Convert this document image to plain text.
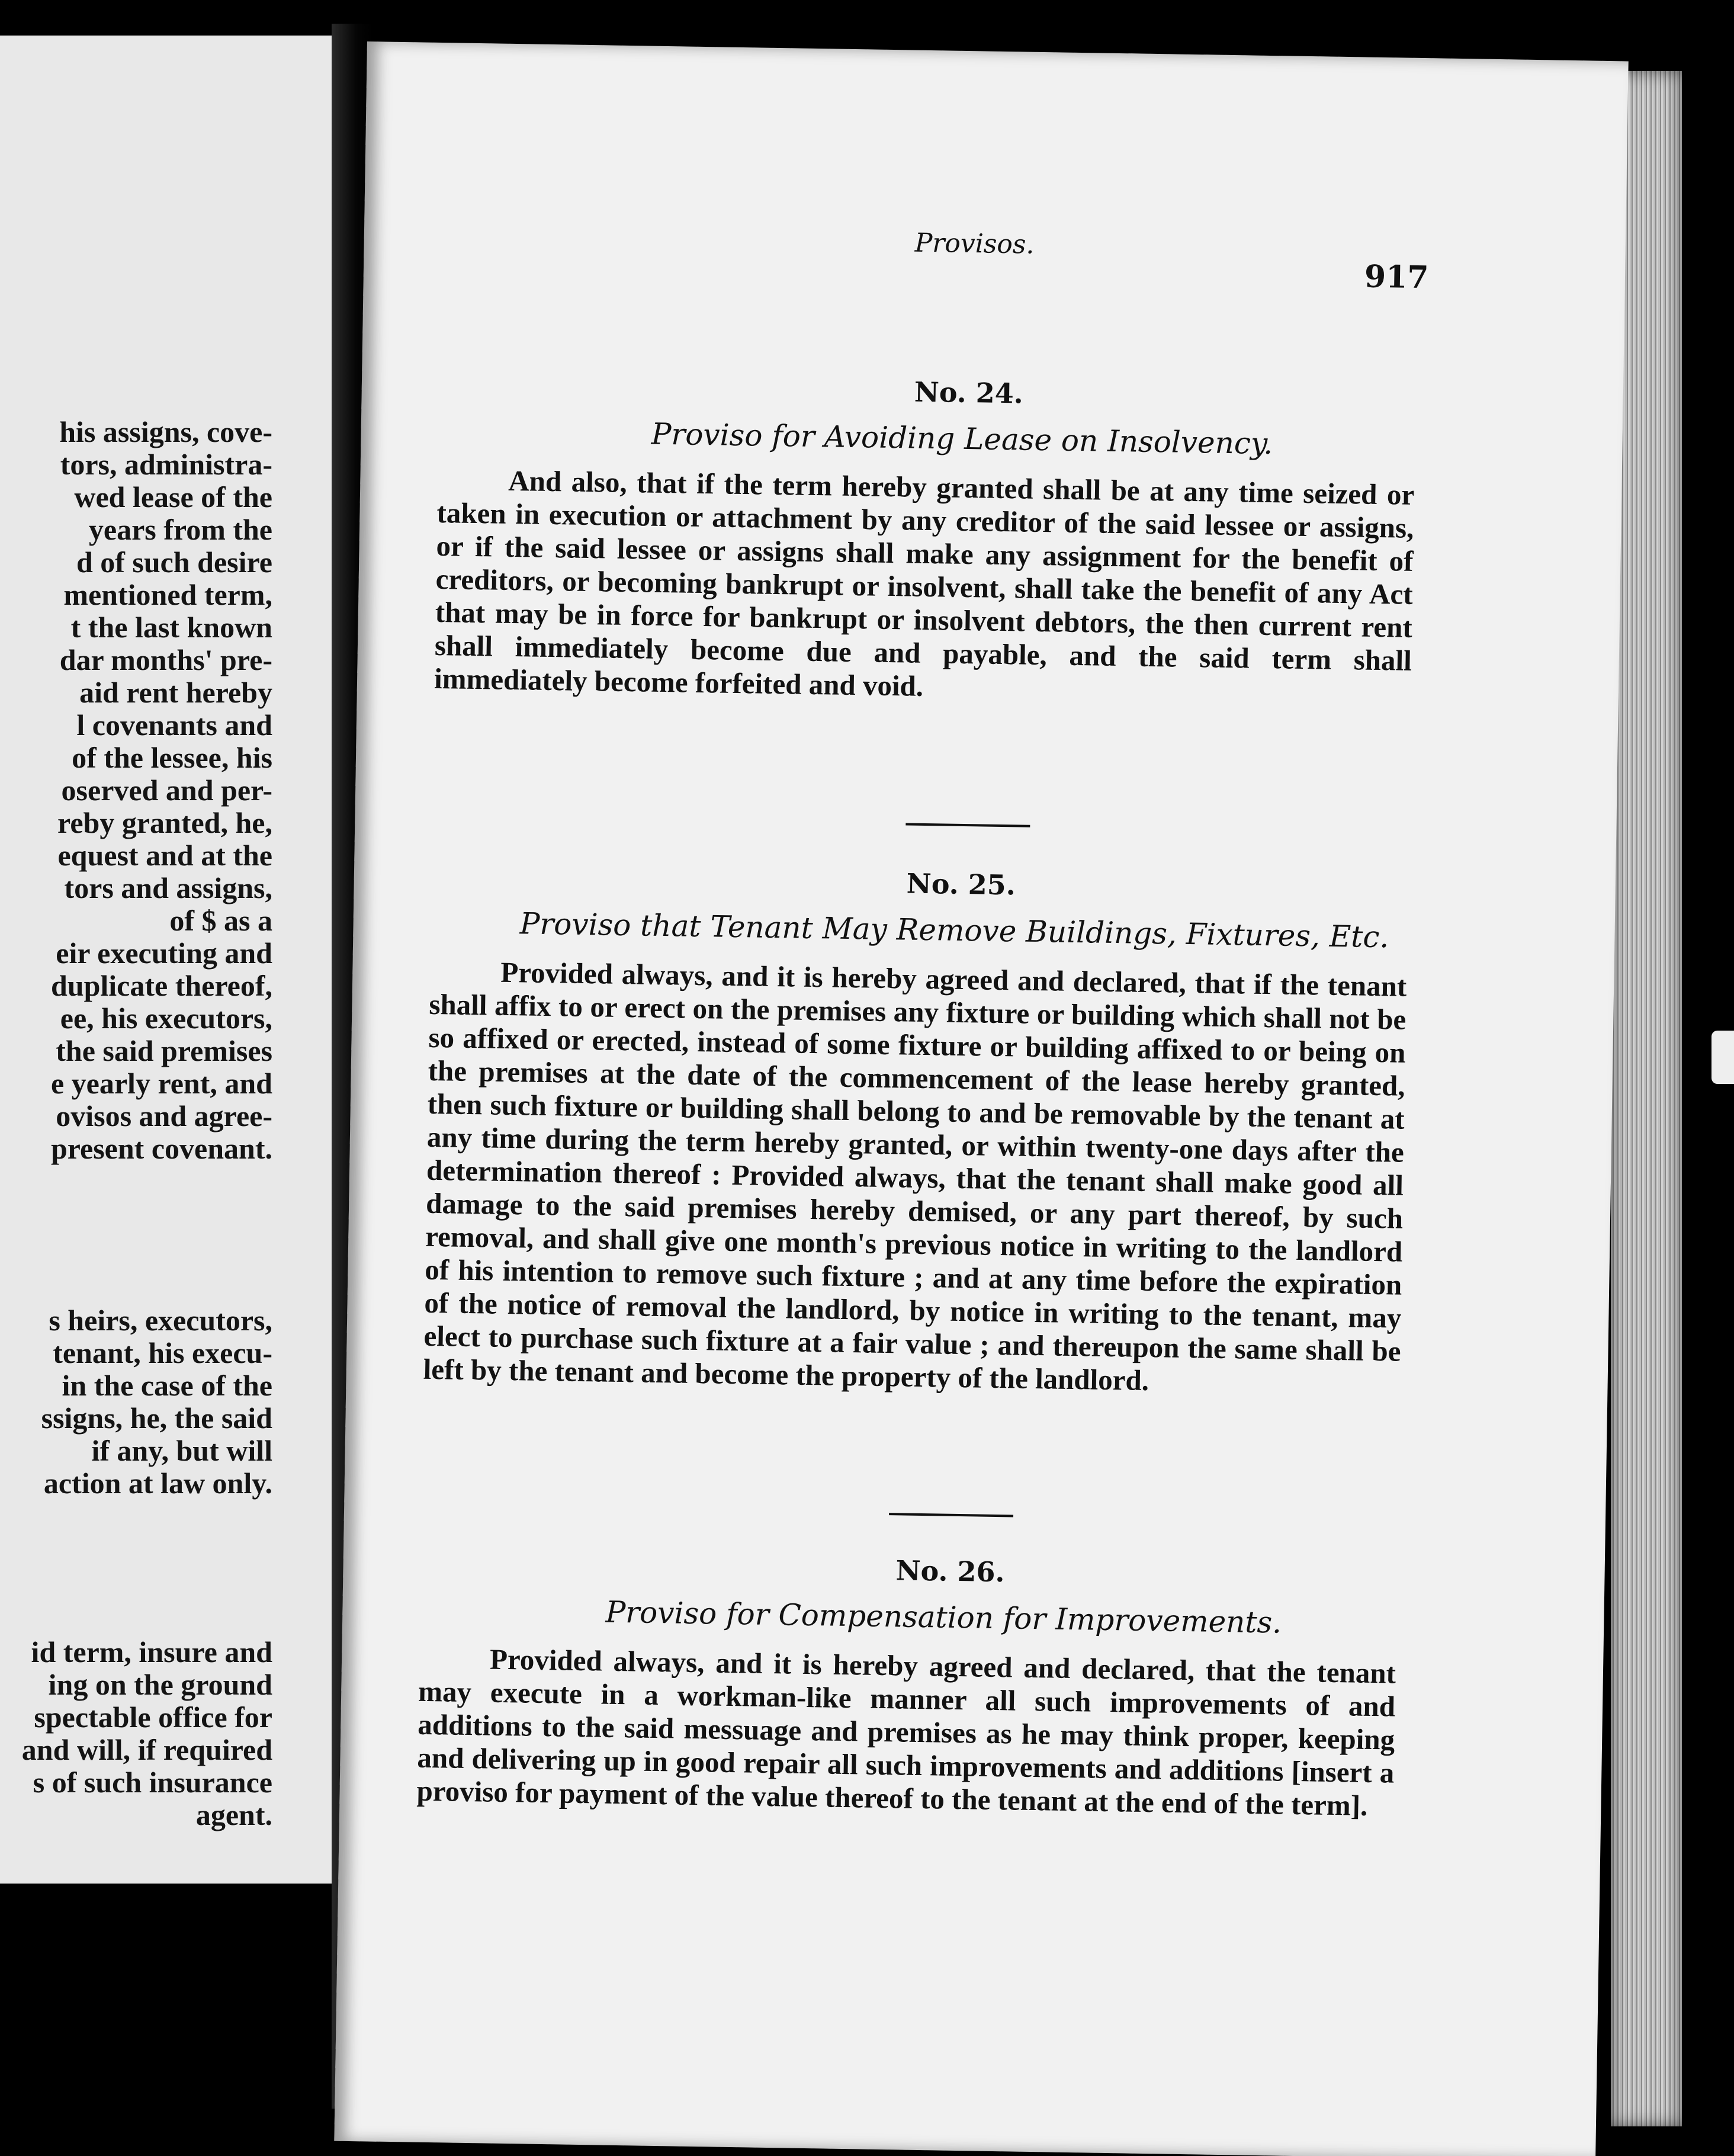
his assigns, cove-
tors, administra-
wed lease of the
years from the
d of such desire
mentioned term,
t the last known
dar months' pre-
aid rent hereby
l covenants and
of the lessee, his
oserved and per-
reby granted, he,
equest and at the
tors and assigns,
of $ as a
eir executing and
duplicate thereof,
ee, his executors,
the said premises
e yearly rent, and
ovisos and agree-
present covenant.
s heirs, executors,
tenant, his execu-
in the case of the
ssigns, he, the said
if any, but will
action at law only.
id term, insure and
ing on the ground
spectable office for
and will, if required
s of such insurance
agent.
Provisos.
917
No. 24.
Proviso for Avoiding Lease on Insolvency.
And also, that if the term hereby granted shall be at any time seized or taken in execution or attachment by any creditor of the said lessee or assigns, or if the said lessee or assigns shall make any assignment for the benefit of creditors, or becoming bankrupt or insolvent, shall take the benefit of any Act that may be in force for bankrupt or insolvent debtors, the then current rent shall immediately become due and payable, and the said term shall immediately become forfeited and void.
No. 25.
Proviso that Tenant May Remove Buildings, Fixtures, Etc.
Provided always, and it is hereby agreed and declared, that if the tenant shall affix to or erect on the premises any fixture or building which shall not be so affixed or erected, instead of some fixture or building affixed to or being on the premises at the date of the commencement of the lease hereby granted, then such fixture or building shall belong to and be removable by the tenant at any time during the term hereby granted, or within twenty-one days after the determination thereof : Provided always, that the tenant shall make good all damage to the said premises hereby demised, or any part thereof, by such removal, and shall give one month's previous notice in writing to the landlord of his intention to remove such fixture ; and at any time before the expiration of the notice of removal the landlord, by notice in writing to the tenant, may elect to purchase such fixture at a fair value ; and thereupon the same shall be left by the tenant and become the property of the landlord.
No. 26.
Proviso for Compensation for Improvements.
Provided always, and it is hereby agreed and declared, that the tenant may execute in a workman-like manner all such improvements of and additions to the said messuage and premises as he may think proper, keeping and delivering up in good repair all such improvements and additions [insert a proviso for payment of the value thereof to the tenant at the end of the term].
